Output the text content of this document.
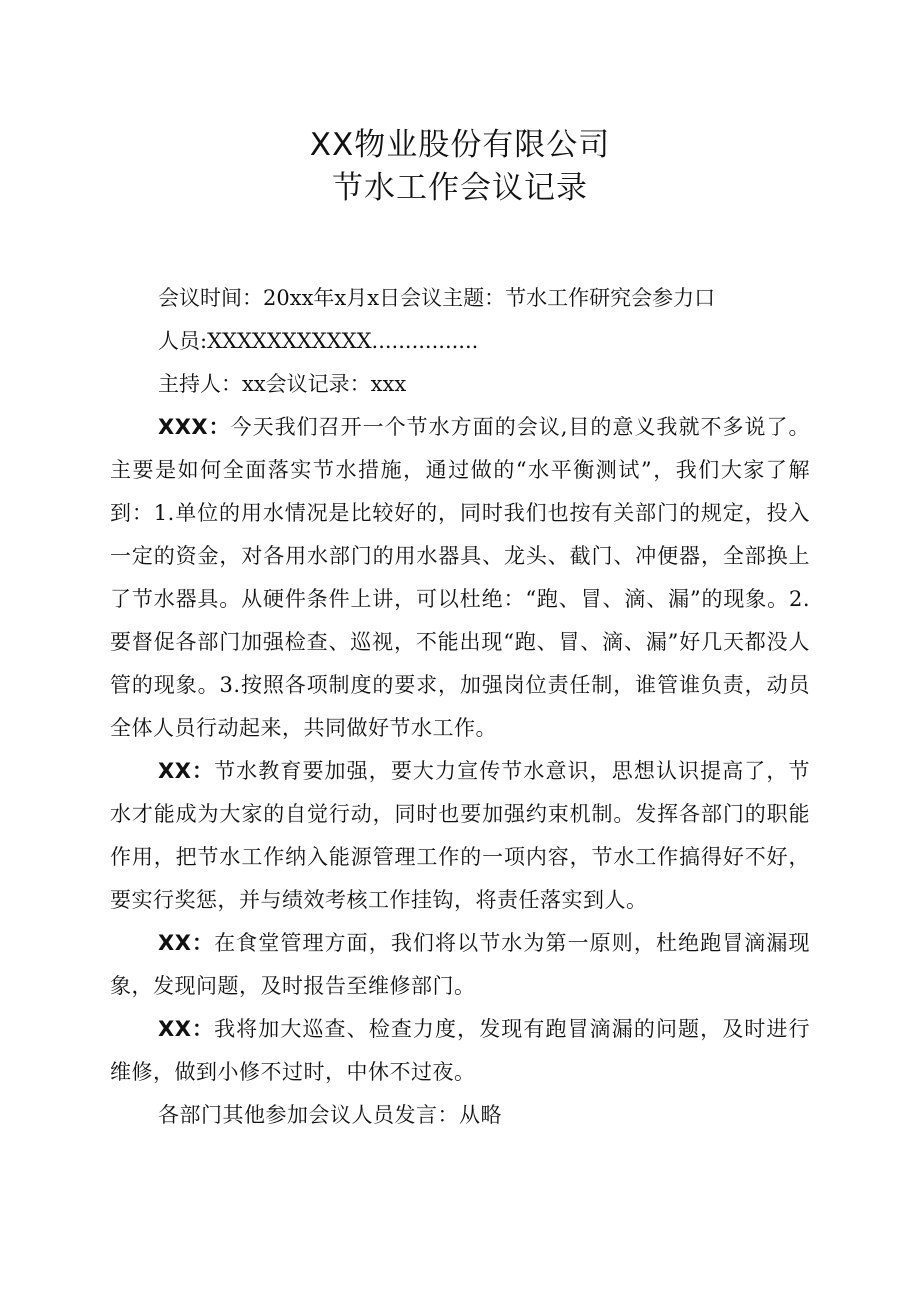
XX物业股份有限公司
节水工作会议记录

会议时间：20xx年x月x日会议主题：节水工作研究会参力口

人员:XXXXXXXXXXX................

主持人：xx会议记录：xxx

XXX：今天我们召开一个节水方面的会议,目的意义我就不多说了。主要是如何全面落实节水措施，通过做的“水平衡测试”，我们大家了解到：1.单位的用水情况是比较好的，同时我们也按有关部门的规定，投入一定的资金，对各用水部门的用水器具、龙头、截门、冲便器，全部换上了节水器具。从硬件条件上讲，可以杜绝：“跑、冒、滴、漏”的现象。2.要督促各部门加强检查、巡视，不能出现“跑、冒、滴、漏”好几天都没人管的现象。3.按照各项制度的要求，加强岗位责任制，谁管谁负责，动员全体人员行动起来，共同做好节水工作。

XX：节水教育要加强，要大力宣传节水意识，思想认识提高了，节水才能成为大家的自觉行动，同时也要加强约束机制。发挥各部门的职能作用，把节水工作纳入能源管理工作的一项内容，节水工作搞得好不好，要实行奖惩，并与绩效考核工作挂钩，将责任落实到人。

XX：在食堂管理方面，我们将以节水为第一原则，杜绝跑冒滴漏现象，发现问题，及时报告至维修部门。

XX：我将加大巡查、检查力度，发现有跑冒滴漏的问题，及时进行维修，做到小修不过时，中休不过夜。

各部门其他参加会议人员发言：从略
